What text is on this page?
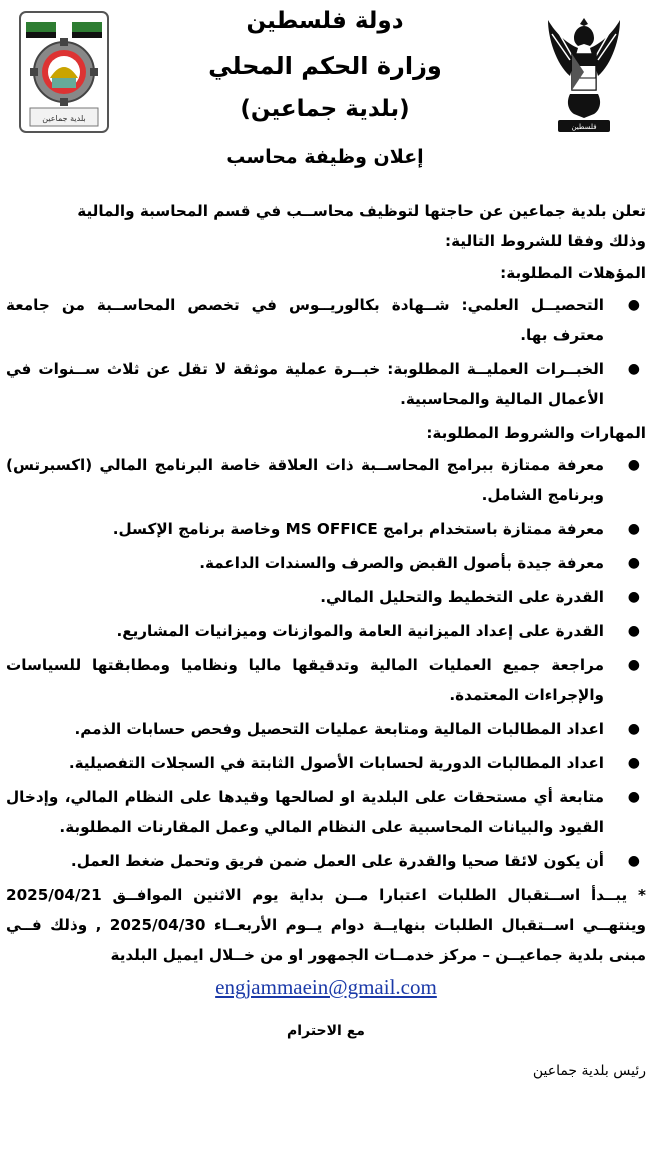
فلسطين
دولة فلسطين
وزارة الحكم المحلي
(بلدية جماعين)
بلدية جماعين
إعلان وظيفة محاسب

تعلن بلدية جماعين عن حاجتها لتوظيف محاســب في قسم المحاسبة والمالية

وذلك وفقا للشروط التالية:

المؤهلات المطلوبة:
●
التحصيــل العلمي: شــهادة بكالوريــوس في تخصص المحاســبة من جامعة معترف بها.
●
الخبــرات العمليــة المطلوبة: خبــرة عملية موثقة لا تقل عن ثلاث ســنوات في الأعمال المالية والمحاسبية.
المهارات والشروط المطلوبة:
●
معرفة ممتازة ببرامج المحاســبة ذات العلاقة خاصة البرنامج المالي (اكسبرتس) وبرنامج الشامل.
●
معرفة ممتازة باستخدام برامج MS OFFICE وخاصة برنامج الإكسل.
●
معرفة جيدة بأصول القبض والصرف والسندات الداعمة.
●
القدرة على التخطيط والتحليل المالي.
●
القدرة على إعداد الميزانية العامة والموازنات وميزانيات المشاريع.
●
مراجعة جميع العمليات المالية وتدقيقها ماليا ونظاميا ومطابقتها للسياسات والإجراءات المعتمدة.
●
اعداد المطالبات المالية ومتابعة عمليات التحصيل وفحص حسابات الذمم.
●
اعداد المطالبات الدورية لحسابات الأصول الثابتة في السجلات التفصيلية.
●
متابعة أي مستحقات على البلدية او لصالحها وقيدها على النظام المالي، وإدخال القيود والبيانات المحاسبية على النظام المالي وعمل المقارنات المطلوبة.
●
أن يكون لائقا صحيا والقدرة على العمل ضمن فريق وتحمل ضغط العمل.

* يبــدأ اســتقبال الطلبات اعتبارا مــن بداية يوم الاثنين الموافــق 2025/04/21 وينتهــي اســتقبال الطلبات بنهايــة دوام يــوم الأربعــاء 2025/04/30 , وذلك فــي مبنى بلدية جماعيــن – مركز خدمــات الجمهور او من خــلال ايميل البلدية

engjammaein@gmail.com
مع الاحترام
رئيس بلدية جماعين
